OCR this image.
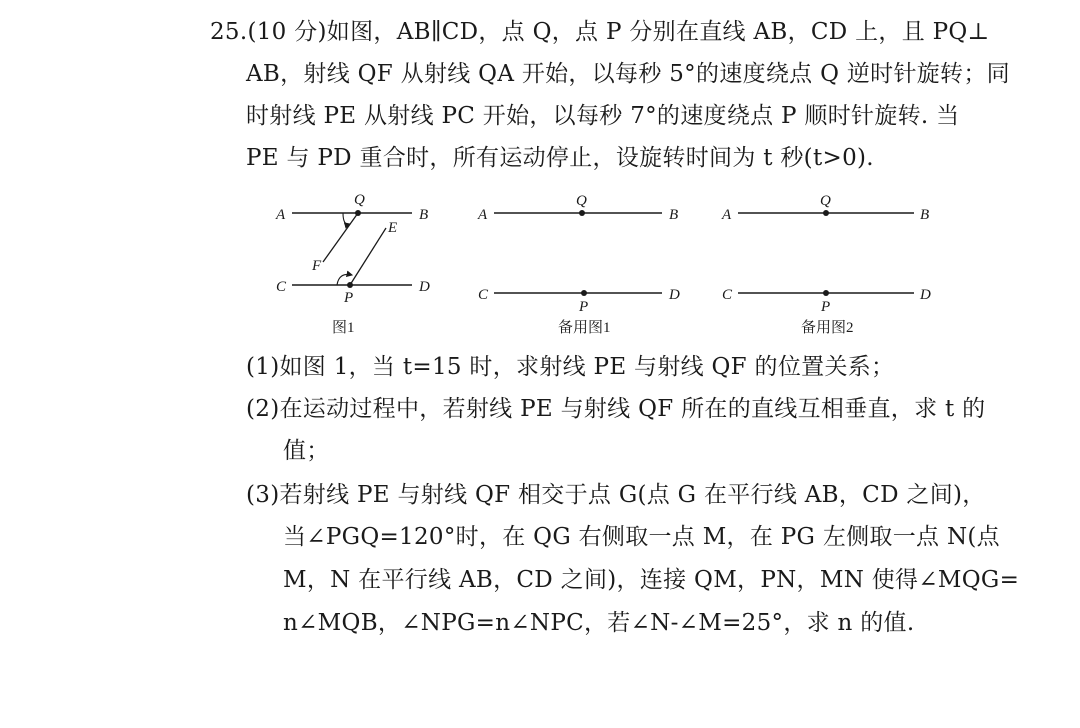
25.(10 分)如图，AB∥CD，点 Q，点 P 分别在直线 AB，CD 上，且 PQ⊥
AB，射线 QF 从射线 QA 开始，以每秒 5°的速度绕点 Q 逆时针旋转；同
时射线 PE 从射线 PC 开始，以每秒 7°的速度绕点 P 顺时针旋转. 当
PE 与 PD 重合时，所有运动停止，设旋转时间为 t 秒(t>0).
A	B
Q
E
F
C	D
P
图1
A	B
Q
C	D
P
备用图1
A	B
Q
C	D
P
备用图2
(1)如图 1，当 t=15 时，求射线 PE 与射线 QF 的位置关系；
(2)在运动过程中，若射线 PE 与射线 QF 所在的直线互相垂直，求 t 的
值；
(3)若射线 PE 与射线 QF 相交于点 G(点 G 在平行线 AB，CD 之间)，
当∠PGQ=120°时，在 QG 右侧取一点 M，在 PG 左侧取一点 N(点
M，N 在平行线 AB，CD 之间)，连接 QM，PN，MN 使得∠MQG=
n∠MQB，∠NPG=n∠NPC，若∠N-∠M=25°，求 n 的值.
